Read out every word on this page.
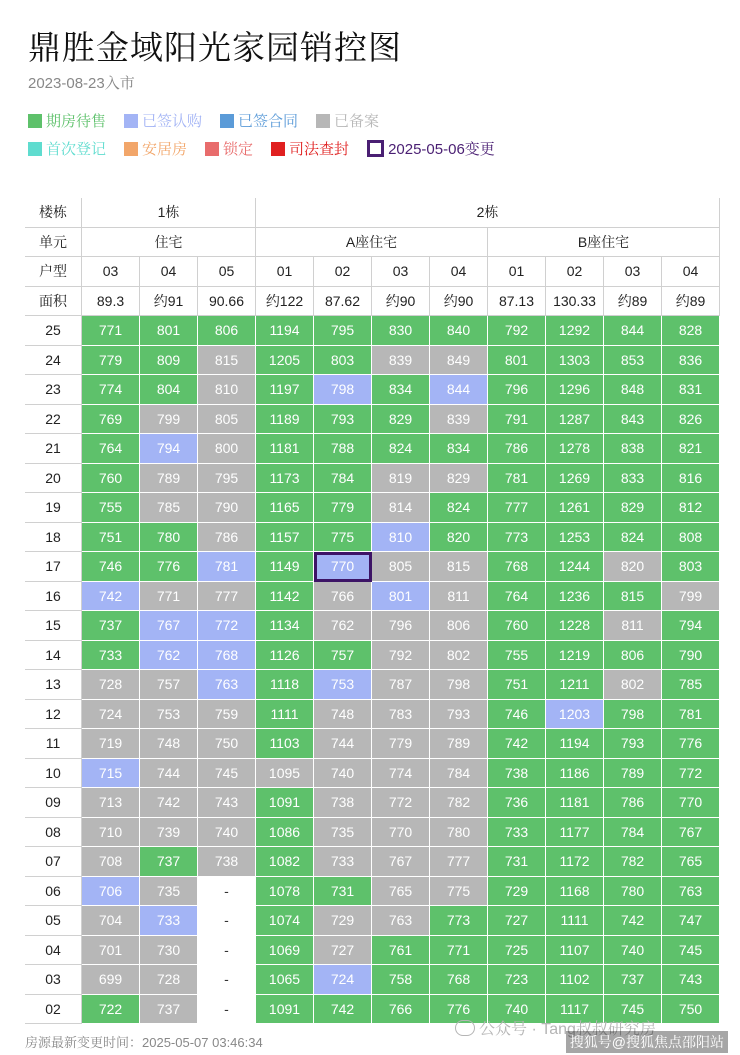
鼎胜金域阳光家园销控图
2023-08-23入市
期房待售 已签认购 已签合同 已备案
首次登记 安居房 锁定 司法查封	2025-05-06变更
楼栋	1栋	2栋
单元	住宅	A座住宅	B座住宅
户型	03	04	05	01	02	03	04	01	02	03	04
面积	89.3	约91	90.66	约122	87.62	约90	约90	87.13	130.33	约89	约89
25	771	801	806	1194	795	830	840	792	1292	844	828
24	779	809	815	1205	803	839	849	801	1303	853	836
23	774	804	810	1197	798	834	844	796	1296	848	831
22	769	799	805	1189	793	829	839	791	1287	843	826
21	764	794	800	1181	788	824	834	786	1278	838	821
20	760	789	795	1173	784	819	829	781	1269	833	816
19	755	785	790	1165	779	814	824	777	1261	829	812
18	751	780	786	1157	775	810	820	773	1253	824	808
17	746	776	781	1149	770	805	815	768	1244	820	803
16	742	771	777	1142	766	801	811	764	1236	815	799
15	737	767	772	1134	762	796	806	760	1228	811	794
14	733	762	768	1126	757	792	802	755	1219	806	790
13	728	757	763	1118	753	787	798	751	1211	802	785
12	724	753	759	1111	748	783	793	746	1203	798	781
11	719	748	750	1103	744	779	789	742	1194	793	776
10	715	744	745	1095	740	774	784	738	1186	789	772
09	713	742	743	1091	738	772	782	736	1181	786	770
08	710	739	740	1086	735	770	780	733	1177	784	767
07	708	737	738	1082	733	767	777	731	1172	782	765
06	706	735	-	1078	731	765	775	729	1168	780	763
05	704	733	-	1074	729	763	773	727	1111	742	747
04	701	730	-	1069	727	761	771	725	1107	740	745
03	699	728	-	1065	724	758	768	723	1102	737	743
02	722	737	-	1091	742	766	776	740	1117	745	750
房源最新变更时间：2025-05-07 03:46:34
公众号 · Tang叔叔研究房
搜狐号@搜狐焦点邵阳站
